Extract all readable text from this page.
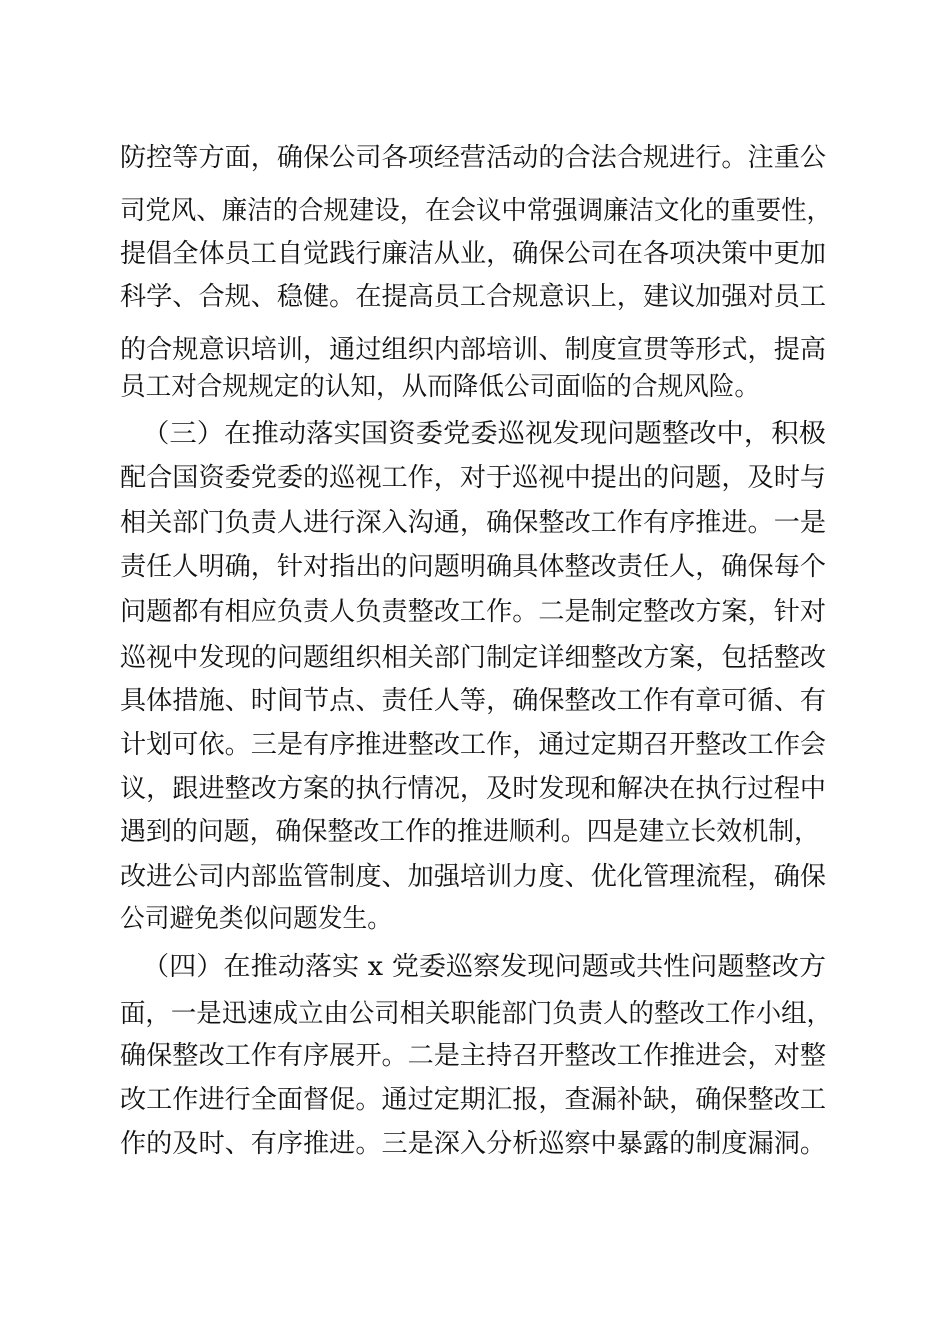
防控等方面，确保公司各项经营活动的合法合规进行。注重公
司党风、廉洁的合规建设，在会议中常强调廉洁文化的重要性，
提倡全体员工自觉践行廉洁从业，确保公司在各项决策中更加
科学、合规、稳健。在提高员工合规意识上，建议加强对员工
的合规意识培训，通过组织内部培训、制度宣贯等形式，提高
员工对合规规定的认知，从而降低公司面临的合规风险。
（三）在推动落实国资委党委巡视发现问题整改中，积极
配合国资委党委的巡视工作，对于巡视中提出的问题，及时与
相关部门负责人进行深入沟通，确保整改工作有序推进。一是
责任人明确，针对指出的问题明确具体整改责任人，确保每个
问题都有相应负责人负责整改工作。二是制定整改方案，针对
巡视中发现的问题组织相关部门制定详细整改方案，包括整改
具体措施、时间节点、责任人等，确保整改工作有章可循、有
计划可依。三是有序推进整改工作，通过定期召开整改工作会
议，跟进整改方案的执行情况，及时发现和解决在执行过程中
遇到的问题，确保整改工作的推进顺利。四是建立长效机制，
改进公司内部监管制度、加强培训力度、优化管理流程，确保
公司避免类似问题发生。
（四）在推动落实 x 党委巡察发现问题或共性问题整改方
面，一是迅速成立由公司相关职能部门负责人的整改工作小组，
确保整改工作有序展开。二是主持召开整改工作推进会，对整
改工作进行全面督促。通过定期汇报，查漏补缺，确保整改工
作的及时、有序推进。三是深入分析巡察中暴露的制度漏洞。
